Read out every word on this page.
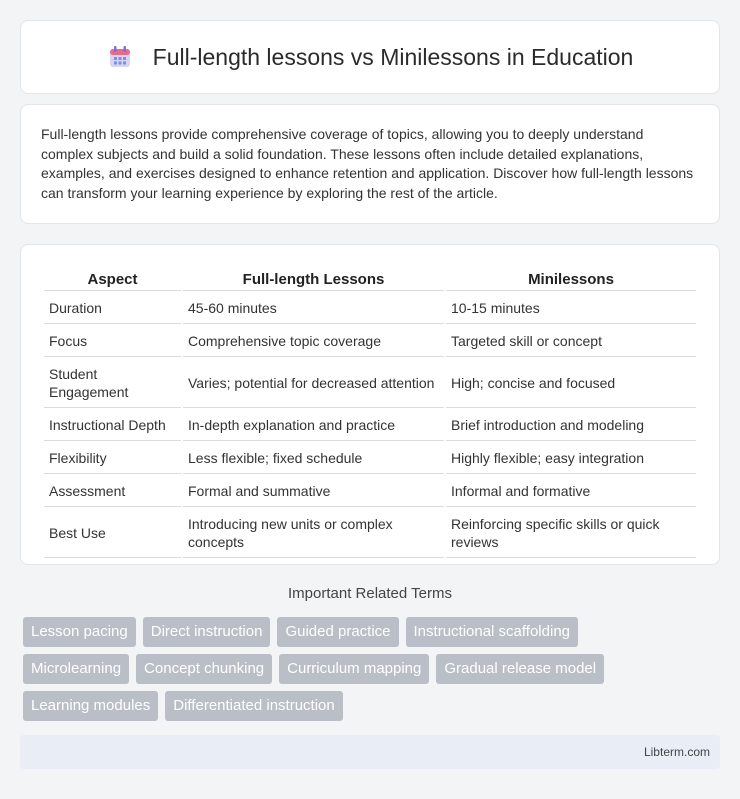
Full-length lessons vs Minilessons in Education

Full-length lessons provide comprehensive coverage of topics, allowing you to deeply understand complex subjects and build a solid foundation. These lessons often include detailed explanations, examples, and exercises designed to enhance retention and application. Discover how full-length lessons can transform your learning experience by exploring the rest of the article.

Aspect	Full-length Lessons	Minilessons
Duration	45-60 minutes	10-15 minutes
Focus	Comprehensive topic coverage	Targeted skill or concept
Student Engagement	Varies; potential for decreased attention	High; concise and focused
Instructional Depth	In-depth explanation and practice	Brief introduction and modeling
Flexibility	Less flexible; fixed schedule	Highly flexible; easy integration
Assessment	Formal and summative	Informal and formative
Best Use	Introducing new units or complex concepts	Reinforcing specific skills or quick reviews
Important Related Terms
Lesson pacing	Direct instruction	Guided practice	Instructional scaffolding
Microlearning	Concept chunking	Curriculum mapping	Gradual release model
Learning modules	Differentiated instruction
Libterm.com
